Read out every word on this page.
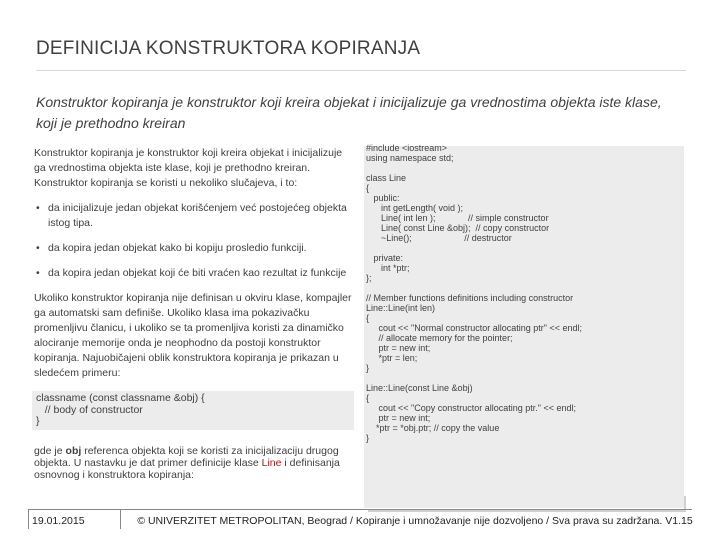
DEFINICIJA KONSTRUKTORA KOPIRANJA
Konstruktor kopiranja je konstruktor koji kreira objekat i inicijalizuje ga vrednostima objekta iste klase, koji je prethodno kreiran

Konstruktor kopiranja je konstruktor koji kreira objekat i inicijalizuje ga vrednostima objekta iste klase, koji je prethodno kreiran. Konstruktor kopiranja se koristi u nekoliko slučajeva, i to:

• da inicijalizuje jedan objekat korišćenjem već postojećeg objekta istog tipa.
• da kopira jedan objekat kako bi kopiju prosledio funkciji.
• da kopira jedan objekat koji će biti vraćen kao rezultat iz funkcije

Ukoliko konstruktor kopiranja nije definisan u okviru klase, kompajler ga automatski sam definiše. Ukoliko klasa ima pokazivačku promenljivu članicu, i ukoliko se ta promenljiva koristi za dinamičko alociranje memorije onda je neophodno da postoji konstruktor kopiranja. Najuobičajeni oblik konstruktora kopiranja je prikazan u sledećem primeru:

classname (const classname &obj) {
// body of constructor
}
gde je obj referenca objekta koji se koristi za inicijalizaciju drugog objekta. U nastavku je dat primer definicije klase Line i definisanja osnovnog i konstruktora kopiranja:
#include <iostream>
using namespace std;

class Line
{
public:
int getLength( void );
Line( int len );             // simple constructor
Line( const Line &obj);  // copy constructor
~Line();                     // destructor

private:
int *ptr;
};

// Member functions definitions including constructor
Line::Line(int len)
{
cout << "Normal constructor allocating ptr" << endl;
// allocate memory for the pointer;
ptr = new int;
*ptr = len;
}

Line::Line(const Line &obj)
{
cout << "Copy constructor allocating ptr." << endl;
ptr = new int;
*ptr = *obj.ptr; // copy the value
}
19.01.2015	© UNIVERZITET METROPOLITAN, Beograd / Kopiranje i umnožavanje nije dozvoljeno / Sva prava su zadržana. V1.15
